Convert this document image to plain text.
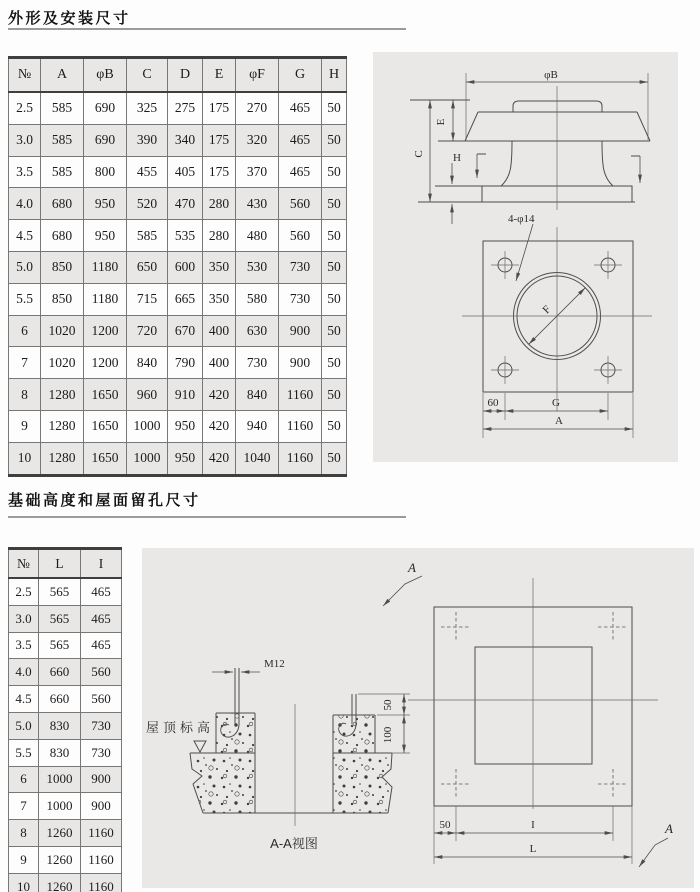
外形及安装尺寸
№	A	φB	C	D	E	φF	G	H
2.5	585	690	325	275	175	270	465	50
3.0	585	690	390	340	175	320	465	50
3.5	585	800	455	405	175	370	465	50
4.0	680	950	520	470	280	430	560	50
4.5	680	950	585	535	280	480	560	50
5.0	850	1180	650	600	350	530	730	50
5.5	850	1180	715	665	350	580	730	50
6	1020	1200	720	670	400	630	900	50
7	1020	1200	840	790	400	730	900	50
8	1280	1650	960	910	420	840	1160	50
9	1280	1650	1000	950	420	940	1160	50
10	1280	1650	1000	950	420	1040	1160	50
φB
C
E
H
F
4-φ14
60	G
A
基础高度和屋面留孔尺寸
№	L	I
2.5	565	465
3.0	565	465
3.5	565	465
4.0	660	560
4.5	660	560
5.0	830	730
5.5	830	730
6	1000	900
7	1000	900
8	1260	1160
9	1260	1160
10	1260	1160
屋顶标高
M12
50
100
A-A视图
50	I
L
A
A
